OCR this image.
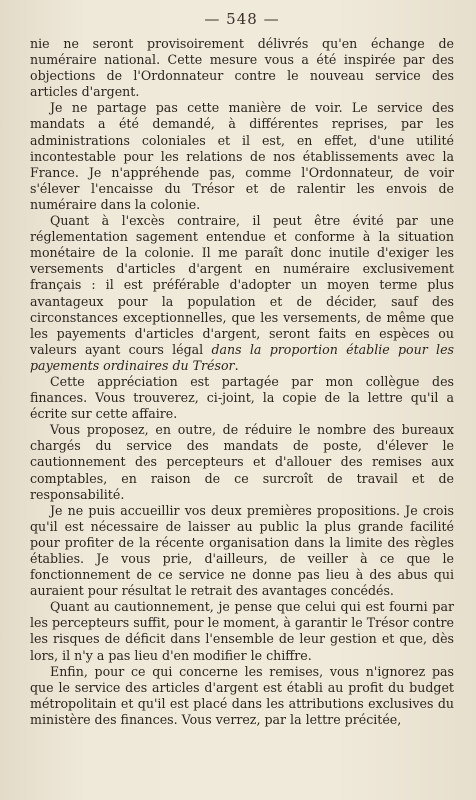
— 548 —

nie ne seront provisoirement délivrés qu'en échange de numéraire national. Cette mesure vous a été inspirée par des objections de l'Ordonnateur contre le nouveau service des articles d'argent.

Je ne partage pas cette manière de voir. Le service des mandats a été demandé, à différentes reprises, par les administrations coloniales et il est, en effet, d'une utilité incontestable pour les relations de nos établissements avec la France. Je n'appréhende pas, comme l'Ordonnateur, de voir s'élever l'encaisse du Trésor et de ralentir les envois de numéraire dans la colonie.

Quant à l'excès contraire, il peut être évité par une réglementation sagement entendue et conforme à la situation monétaire de la colonie. Il me paraît donc inutile d'exiger les versements d'articles d'argent en numéraire exclusivement français : il est préférable d'adopter un moyen terme plus avantageux pour la population et de décider, sauf des circonstances exceptionnelles, que les versements, de même que les payements d'articles d'argent, seront faits en espèces ou valeurs ayant cours légal dans la proportion établie pour les payements ordinaires du Trésor.

Cette appréciation est partagée par mon collègue des finances. Vous trouverez, ci-joint, la copie de la lettre qu'il a écrite sur cette affaire.

Vous proposez, en outre, de réduire le nombre des bureaux chargés du service des mandats de poste, d'élever le cautionnement des percepteurs et d'allouer des remises aux comptables, en raison de ce surcroît de travail et de responsabilité.

Je ne puis accueillir vos deux premières propositions. Je crois qu'il est nécessaire de laisser au public la plus grande facilité pour profiter de la récente organisation dans la limite des règles établies. Je vous prie, d'ailleurs, de veiller à ce que le fonctionnement de ce service ne donne pas lieu à des abus qui auraient pour résultat le retrait des avantages concédés.

Quant au cautionnement, je pense que celui qui est fourni par les percepteurs suffit, pour le moment, à garantir le Trésor contre les risques de déficit dans l'ensemble de leur gestion et que, dès lors, il n'y a pas lieu d'en modifier le chiffre.

Enfin, pour ce qui concerne les remises, vous n'ignorez pas que le service des articles d'argent est établi au profit du budget métropolitain et qu'il est placé dans les attributions exclusives du ministère des finances. Vous verrez, par la lettre précitée,
